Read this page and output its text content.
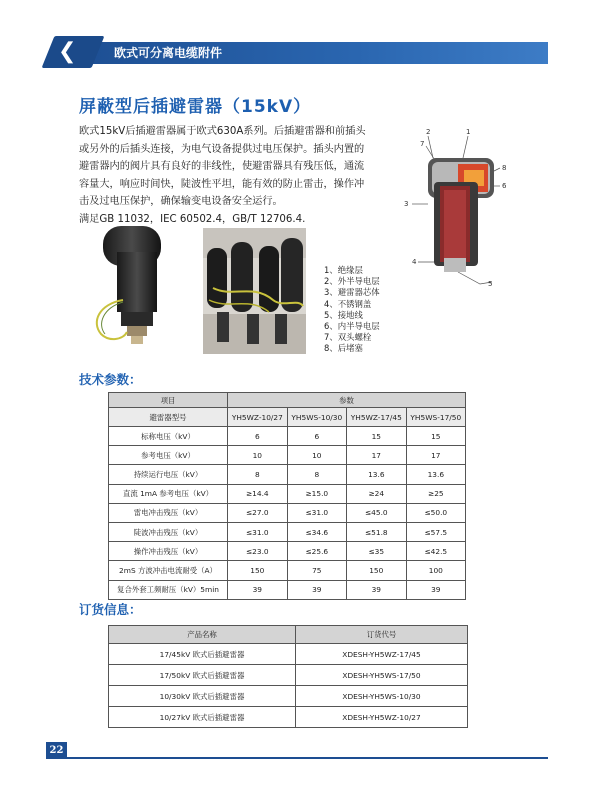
❮	欧式可分离电缆附件
屏蔽型后插避雷器（15kV）

欧式15kV后插避雷器属于欧式630A系列。后插避雷器和前插头

或另外的后插头连接，为电气设备提供过电压保护。插头内置的

避雷器内的阀片具有良好的非线性，使避雷器具有残压低，通流

容量大，响应时间快，陡波性平坦，能有效的防止雷击，操作冲

击及过电压保护，确保输变电设备安全运行。

满足GB 11032，IEC 60502.4，GB/T 12706.4.

2	1
7
8
6
3
4
5
1、绝缘层
2、外半导电层
3、避雷器芯体
4、不锈钢盖
5、接地线
6、内半导电层
7、双头螺栓
8、后堵塞
技术参数：
项目	参数			
避雷器型号	YH5WZ-10/27	YH5WS-10/30	YH5WZ-17/45	YH5WS-17/50
标称电压（kV）	6	6	15	15
参考电压（kV）	10	10	17	17
持续运行电压（kV）	8	8	13.6	13.6
直流 1mA 参考电压（kV）	≥14.4	≥15.0	≥24	≥25
雷电冲击残压（kV）	≤27.0	≤31.0	≤45.0	≤50.0
陡波冲击残压（kV）	≤31.0	≤34.6	≤51.8	≤57.5
操作冲击残压（kV）	≤23.0	≤25.6	≤35	≤42.5
2mS 方波冲击电流耐受（A）	150	75	150	100
复合外套工频耐压（kV）5min	39	39	39	39
订货信息：
产品名称	订货代号
17/45kV 欧式后插避雷器	XDESH-YH5WZ-17/45
17/50kV 欧式后插避雷器	XDESH-YH5WS-17/50
10/30kV 欧式后插避雷器	XDESH-YH5WS-10/30
10/27kV 欧式后插避雷器	XDESH-YH5WZ-10/27
22
